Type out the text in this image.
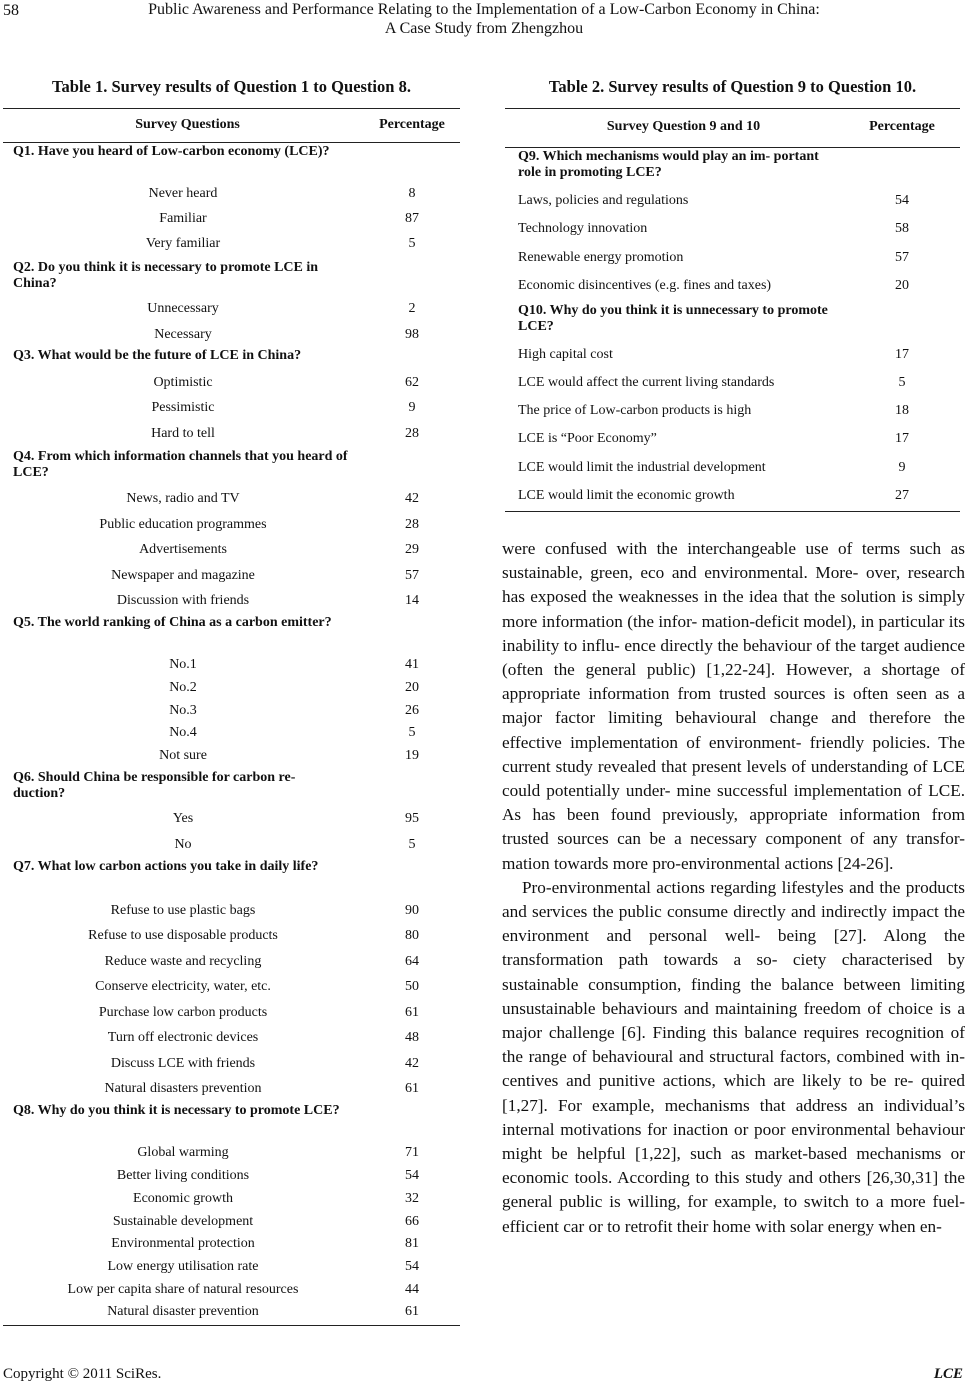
58	Public Awareness and Performance Relating to the Implementation of a Low-Carbon Economy in China:
A Case Study from Zhengzhou
Table 1. Survey results of Question 1 to Question 8.
Survey Questions	Percentage
Q1. Have you heard of Low-carbon economy (LCE)?
Never heard	8
Familiar	87
Very familiar	5
Q2. Do you think it is necessary to promote LCE in China?
Unnecessary	2
Necessary	98
Q3. What would be the future of LCE in China?
Optimistic	62
Pessimistic	9
Hard to tell	28
Q4. From which information channels that you heard of LCE?
News, radio and TV	42
Public education programmes	28
Advertisements	29
Newspaper and magazine	57
Discussion with friends	14
Q5. The world ranking of China as a carbon emitter?
No.1	41
No.2	20
No.3	26
No.4	5
Not sure	19
Q6. Should China be responsible for carbon re- duction?
Yes	95
No	5
Q7. What low carbon actions you take in daily life?
Refuse to use plastic bags	90
Refuse to use disposable products	80
Reduce waste and recycling	64
Conserve electricity, water, etc.	50
Purchase low carbon products	61
Turn off electronic devices	48
Discuss LCE with friends	42
Natural disasters prevention	61
Q8. Why do you think it is necessary to promote LCE?
Global warming	71
Better living conditions	54
Economic growth	32
Sustainable development	66
Environmental protection	81
Low energy utilisation rate	54
Low per capita share of natural resources	44
Natural disaster prevention	61
Table 2. Survey results of Question 9 to Question 10.
Survey Question 9 and 10	Percentage
Q9. Which mechanisms would play an im- portant role in promoting LCE?
Laws, policies and regulations	54
Technology innovation	58
Renewable energy promotion	57
Economic disincentives (e.g. fines and taxes)	20
Q10. Why do you think it is unnecessary to promote LCE?
High capital cost	17
LCE would affect the current living standards	5
The price of Low-carbon products is high	18
LCE is “Poor Economy”	17
LCE would limit the industrial development	9
LCE would limit the economic growth	27

were confused with the interchangeable use of terms such as sustainable, green, eco and environmental. More- over, research has exposed the weaknesses in the idea that the solution is simply more information (the infor- mation-deficit model), in particular its inability to influ- ence directly the behaviour of the target audience (often the general public) [1,22-24]. However, a shortage of appropriate information from trusted sources is often seen as a major factor limiting behavioural change and therefore the effective implementation of environment- friendly policies. The current study revealed that present levels of understanding of LCE could potentially under- mine successful implementation of LCE. As has been found previously, appropriate information from trusted sources can be a necessary component of any transfor- mation towards more pro-environmental actions [24-26].

Pro-environmental actions regarding lifestyles and the products and services the public consume directly and indirectly impact the environment and personal well- being [27]. Along the transformation path towards a so- ciety characterised by sustainable consumption, finding the balance between limiting unsustainable behaviours and maintaining freedom of choice is a major challenge [6]. Finding this balance requires recognition of the range of behavioural and structural factors, combined with in- centives and punitive actions, which are likely to be re- quired [1,27]. For example, mechanisms that address an individual’s internal motivations for inaction or poor environmental behaviour might be helpful [1,22], such as market-based mechanisms or economic tools. According to this study and others [26,30,31] the general public is willing, for example, to switch to a more fuel-efficient car or to retrofit their home with solar energy when en-

Copyright © 2011 SciRes.	LCE
